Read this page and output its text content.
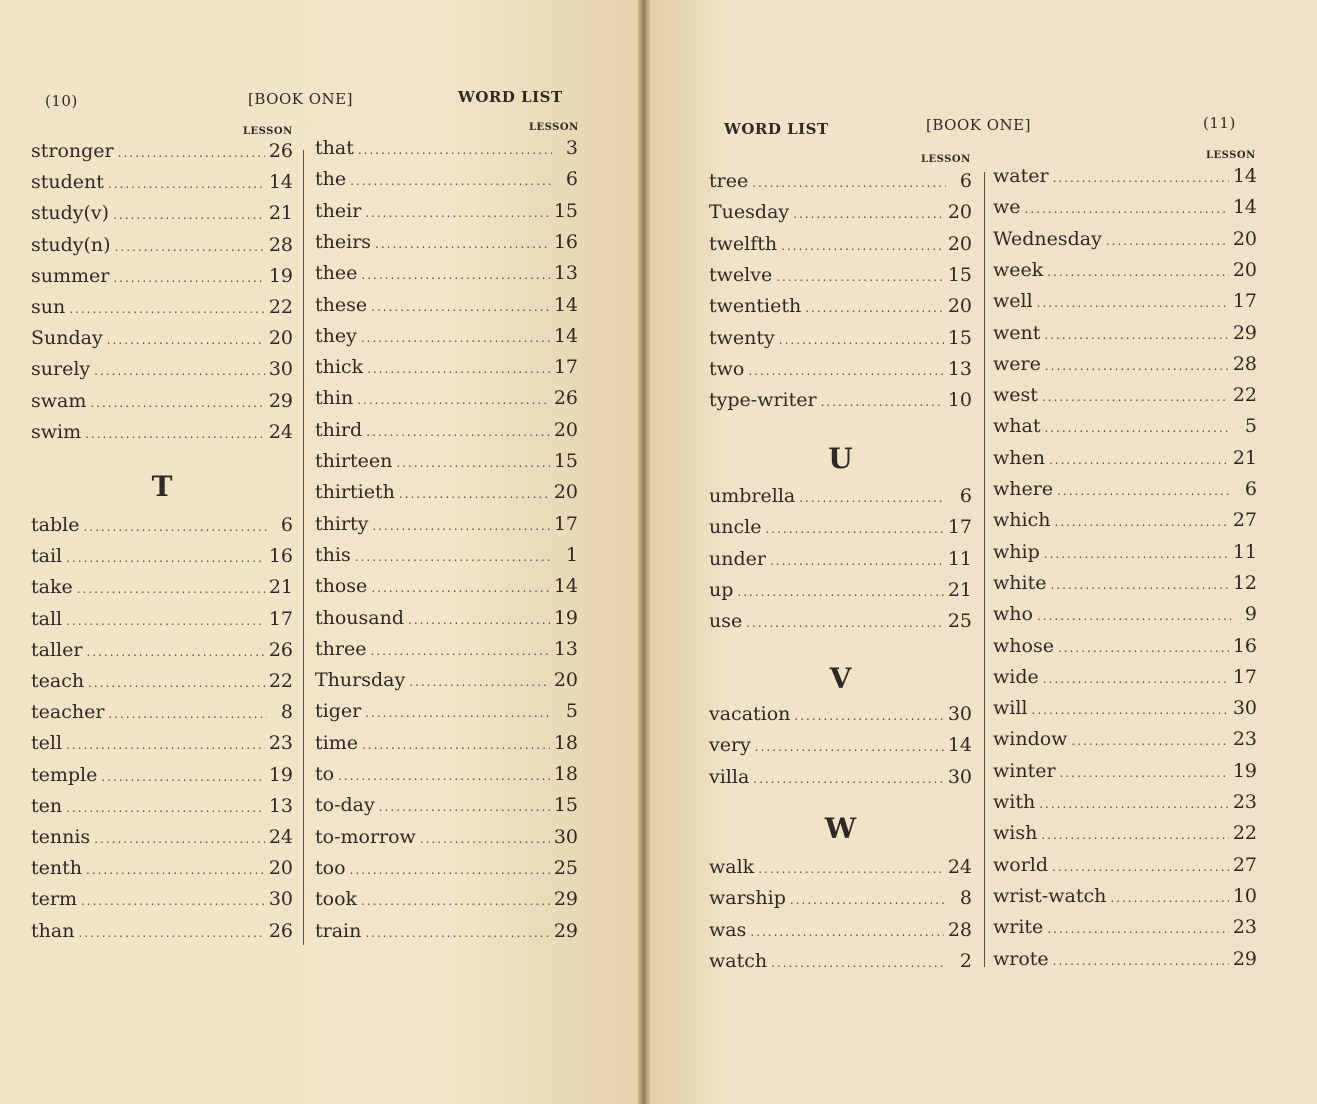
(10)	[BOOK ONE]	WORD LIST
LESSON	LESSON
stronger .....	26
student .....	14
study(v) .....	21
study(n) .....	28
summer .....	19
sun .....	22
Sunday .....	20
surely .....	30
swam .....	29
swim .....	24
table .....	6
tail .....	16
take .....	21
tall .....	17
taller .....	26
teach .....	22
teacher .....	8
tell .....	23
temple .....	19
ten .....	13
tennis .....	24
tenth .....	20
term .....	30
than .....	26
T
that .....	3
the .....	6
their .....	15
theirs .....	16
thee .....	13
these .....	14
they .....	14
thick .....	17
thin .....	26
third .....	20
thirteen .....	15
thirtieth .....	20
thirty .....	17
this .....	1
those .....	14
thousand .....	19
three .....	13
Thursday .....	20
tiger .....	5
time .....	18
to .....	18
to-day .....	15
to-morrow .....	30
too .....	25
took .....	29
train .....	29
WORD LIST	[BOOK ONE]	(11)
LESSON	LESSON
tree .....	6
Tuesday .....	20
twelfth .....	20
twelve .....	15
twentieth .....	20
twenty .....	15
two .....	13
type-writer .....	10
umbrella .....	6
uncle .....	17
under .....	11
up .....	21
use .....	25
vacation .....	30
very .....	14
villa .....	30
walk .....	24
warship .....	8
was .....	28
watch .....	2
U
V
W
water .....	14
we .....	14
Wednesday .....	20
week .....	20
well .....	17
went .....	29
were .....	28
west .....	22
what .....	5
when .....	21
where .....	6
which .....	27
whip .....	11
white .....	12
who .....	9
whose .....	16
wide .....	17
will .....	30
window .....	23
winter .....	19
with .....	23
wish .....	22
world .....	27
wrist-watch .....	10
write .....	23
wrote .....	29
